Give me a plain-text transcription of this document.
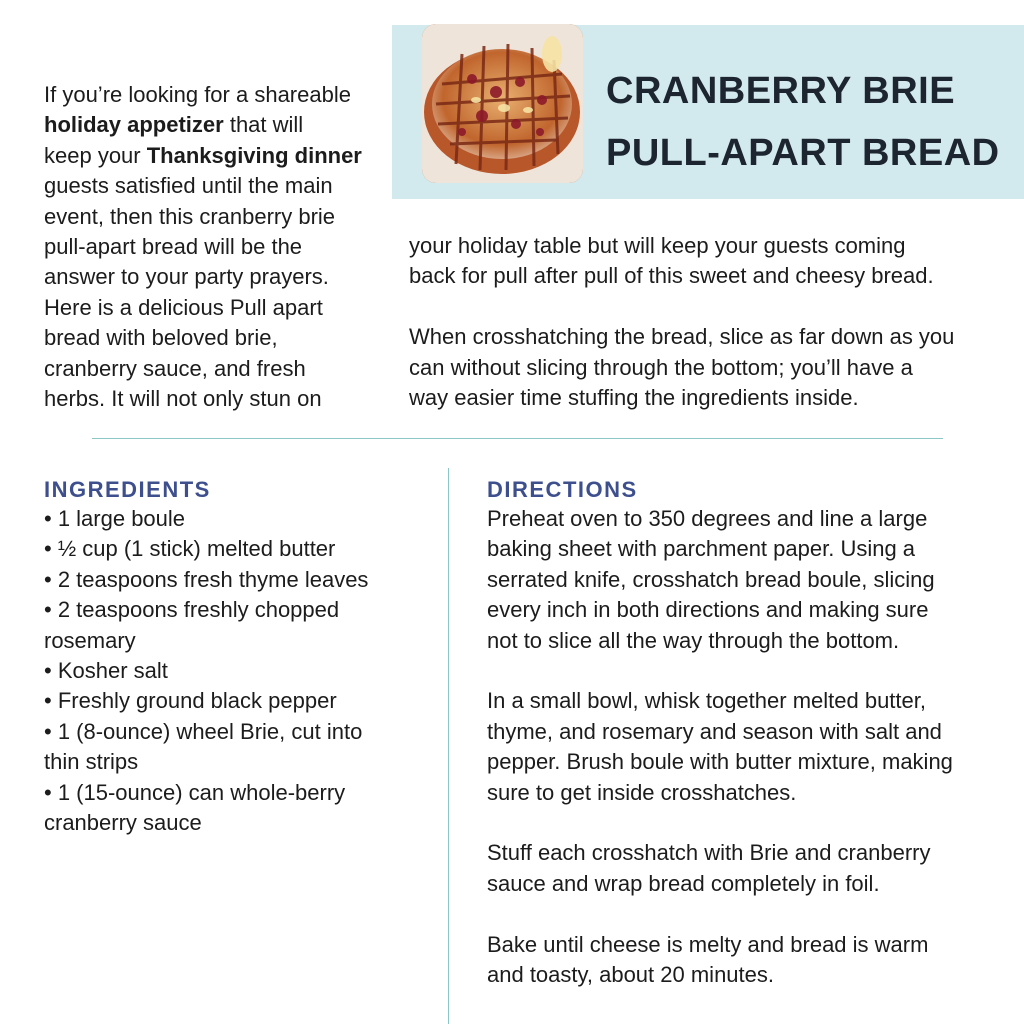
CRANBERRY BRIE
PULL-APART BREAD

If you’re looking for a shareable
holiday appetizer that will
keep your Thanksgiving dinner
guests satisfied until the main
event, then this cranberry brie
pull-apart bread will be the
answer to your party prayers.
Here is a delicious Pull apart
bread with beloved brie,
cranberry sauce, and fresh
herbs. It will not only stun on

your holiday table but will keep your guests coming
back for pull after pull of this sweet and cheesy bread.
When crosshatching the bread, slice as far down as you
can without slicing through the bottom; you’ll have a
way easier time stuffing the ingredients inside.

INGREDIENTS
• 1 large boule
• ½ cup (1 stick) melted butter
• 2 teaspoons fresh thyme leaves
• 2 teaspoons freshly chopped
rosemary
• Kosher salt
• Freshly ground black pepper
• 1 (8-ounce) wheel Brie, cut into
thin strips
• 1 (15-ounce) can whole-berry
cranberry sauce
DIRECTIONS
Preheat oven to 350 degrees and line a large
baking sheet with parchment paper. Using a
serrated knife, crosshatch bread boule, slicing
every inch in both directions and making sure
not to slice all the way through the bottom.
In a small bowl, whisk together melted butter,
thyme, and rosemary and season with salt and
pepper. Brush boule with butter mixture, making
sure to get inside crosshatches.
Stuff each crosshatch with Brie and cranberry
sauce and wrap bread completely in foil.
Bake until cheese is melty and bread is warm
and toasty, about 20 minutes.
